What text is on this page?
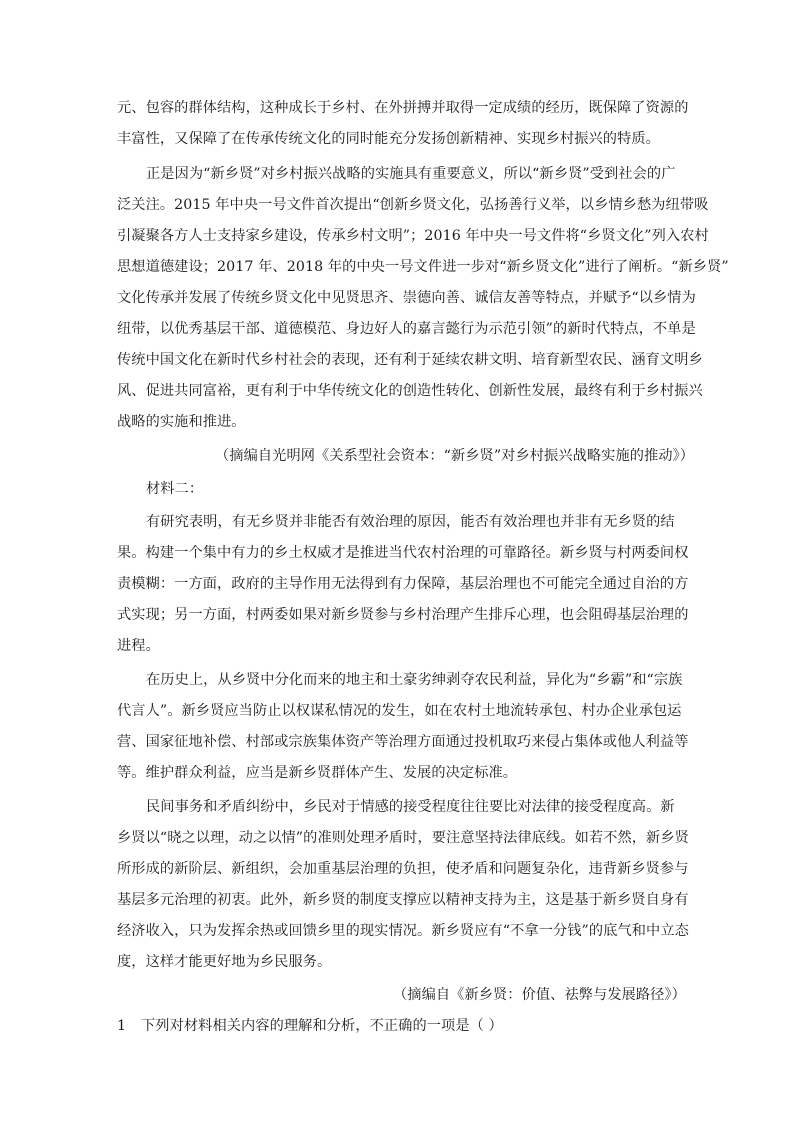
元、包容的群体结构，这种成长于乡村、在外拼搏并取得一定成绩的经历，既保障了资源的
丰富性，又保障了在传承传统文化的同时能充分发扬创新精神、实现乡村振兴的特质。
正是因为“新乡贤”对乡村振兴战略的实施具有重要意义，所以“新乡贤”受到社会的广
泛关注。2015 年中央一号文件首次提出“创新乡贤文化，弘扬善行义举，以乡情乡愁为纽带吸
引凝聚各方人士支持家乡建设，传承乡村文明”；2016 年中央一号文件将“乡贤文化”列入农村
思想道德建设；2017 年、2018 年的中央一号文件进一步对“新乡贤文化”进行了阐析。“新乡贤”
文化传承并发展了传统乡贤文化中见贤思齐、崇德向善、诚信友善等特点，并赋予“以乡情为
纽带，以优秀基层干部、道德模范、身边好人的嘉言懿行为示范引领”的新时代特点，不单是
传统中国文化在新时代乡村社会的表现，还有利于延续农耕文明、培育新型农民、涵育文明乡
风、促进共同富裕，更有利于中华传统文化的创造性转化、创新性发展，最终有利于乡村振兴
战略的实施和推进。
（摘编自光明网《关系型社会资本：“新乡贤”对乡村振兴战略实施的推动》）
材料二：
有研究表明，有无乡贤并非能否有效治理的原因，能否有效治理也并非有无乡贤的结
果。构建一个集中有力的乡土权威才是推进当代农村治理的可靠路径。新乡贤与村两委间权
责模糊：一方面，政府的主导作用无法得到有力保障，基层治理也不可能完全通过自治的方
式实现；另一方面，村两委如果对新乡贤参与乡村治理产生排斥心理，也会阻碍基层治理的
进程。
在历史上，从乡贤中分化而来的地主和土豪劣绅剥夺农民利益，异化为“乡霸”和“宗族
代言人”。新乡贤应当防止以权谋私情况的发生，如在农村土地流转承包、村办企业承包运
营、国家征地补偿、村部或宗族集体资产等治理方面通过投机取巧来侵占集体或他人利益等
等。维护群众利益，应当是新乡贤群体产生、发展的决定标准。
民间事务和矛盾纠纷中，乡民对于情感的接受程度往往要比对法律的接受程度高。新
乡贤以“晓之以理，动之以情”的准则处理矛盾时，要注意坚持法律底线。如若不然，新乡贤
所形成的新阶层、新组织，会加重基层治理的负担，使矛盾和问题复杂化，违背新乡贤参与
基层多元治理的初衷。此外，新乡贤的制度支撑应以精神支持为主，这是基于新乡贤自身有
经济收入，只为发挥余热或回馈乡里的现实情况。新乡贤应有“不拿一分钱”的底气和中立态
度，这样才能更好地为乡民服务。
（摘编自《新乡贤：价值、祛弊与发展路径》）
1 下列对材料相关内容的理解和分析，不正确的一项是（ ）
